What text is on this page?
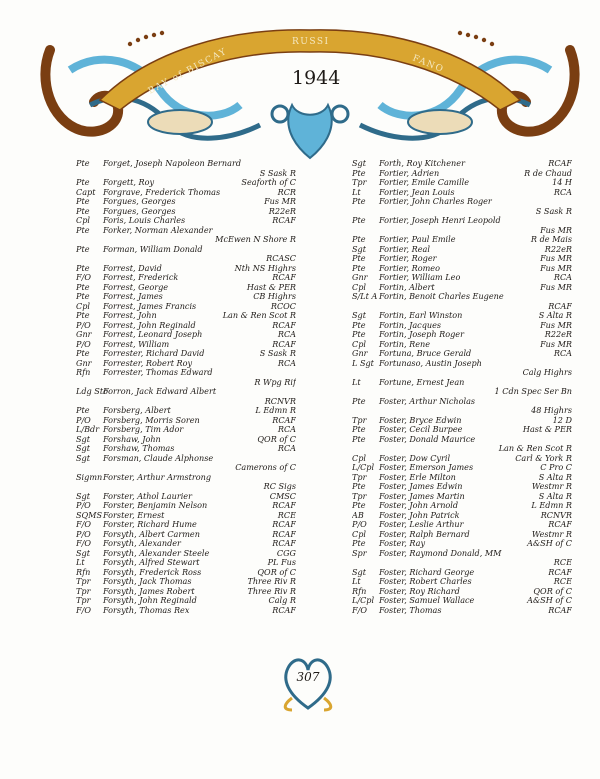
BAY of BISCAY
RUSSI
FANO
1944
Pte Forget, Joseph Napoleon Bernard
S Sask R
Seaforth of C
Pte Forgett, Roy
RCR
Capt Forgrave, Frederick Thomas
Fus MR
Pte Forgues, Georges
R22eR
Pte Forgues, Georges
RCAF
Cpl Foris, Louis Charles
Pte Forker, Norman Alexander
McEwen N Shore R
Pte Forman, William Donald
RCASC
Nth NS Highrs
Pte Forrest, David
RCAF
F/O Forrest, Frederick
Hast & PER
Pte Forrest, George
CB Highrs
Pte Forrest, James
RCOC
Cpl Forrest, James Francis
Lan & Ren Scot R
Pte Forrest, John
RCAF
P/O Forrest, John Reginald
RCA
Gnr Forrest, Leonard Joseph
RCAF
P/O Forrest, William
S Sask R
Pte Forrester, Richard David
RCA
Gnr Forrester, Robert Roy
Rfn Forrester, Thomas Edward
R Wpg Rif
Ldg StoForron, Jack Edward Albert
RCNVR
L Edmn R
Pte Forsberg, Albert
RCAF
P/O Forsberg, Morris Soren
RCA
L/Bdr Forsberg, Tim Ador
QOR of C
Sgt Forshaw, John
RCA
Sgt Forshaw, Thomas
Sgt Forsman, Claude Alphonse
Camerons of C
SigmnForster, Arthur Armstrong
RC Sigs
CMSC
Sgt Forster, Athol Laurier
RCAF
P/O Forster, Benjamin Nelson
RCE
SQMSForster, Ernest
RCAF
F/O Forster, Richard Hume
RCAF
P/O Forsyth, Albert Carmen
RCAF
F/O Forsyth, Alexander
CGG
Sgt Forsyth, Alexander Steele
PL Fus
Lt Forsyth, Alfred Stewart
QOR of C
Rfn Forsyth, Frederick Ross
Three Riv R
Tpr Forsyth, Jack Thomas
Three Riv R
Tpr Forsyth, James Robert
Calg R
Tpr Forsyth, John Reginald
RCAF
F/O Forsyth, Thomas Rex
RCAF
Sgt Forth, Roy Kitchener
R de Chaud
Pte Fortier, Adrien
14 H
Tpr Fortier, Emile Camille
RCA
Lt Fortier, Jean Louis
Pte Fortier, John Charles Roger
S Sask R
Pte Fortier, Joseph Henri Leopold
Fus MR
R de Mais
Pte Fortier, Paul Emile
R22eR
Sgt Fortier, Real
Fus MR
Pte Fortier, Roger
Fus MR
Pte Fortier, Romeo
RCA
Gnr Fortier, William Leo
Fus MR
Cpl Fortin, Albert
S/Lt A Fortin, Benoit Charles Eugene
RCAF
S Alta R
Sgt Fortin, Earl Winston
Fus MR
Pte Fortin, Jacques
R22eR
Pte Fortin, Joseph Roger
Fus MR
Cpl Fortin, Rene
RCA
Gnr Fortuna, Bruce Gerald
L Sgt Fortunaso, Austin Joseph
Calg Highrs
Lt Fortune, Ernest Jean
1 Cdn Spec Ser Bn
Pte Foster, Arthur Nicholas
48 Highrs
12 D
Tpr Foster, Bryce Edwin
Hast & PER
Pte Foster, Cecil Burpee
Pte Foster, Donald Maurice
Lan & Ren Scot R
Carl & York R
Cpl Foster, Dow Cyril
C Pro C
L/Cpl Foster, Emerson James
S Alta R
Tpr Foster, Erle Milton
Westmr R
Pte Foster, James Edwin
S Alta R
Tpr Foster, James Martin
L Edmn R
Pte Foster, John Arnold
RCNVR
AB Foster, John Patrick
RCAF
P/O Foster, Leslie Arthur
Westmr R
Cpl Foster, Ralph Bernard
A&SH of C
Pte Foster, Ray
Spr Foster, Raymond Donald, MM
RCE
RCAF
Sgt Foster, Richard George
RCE
Lt Foster, Robert Charles
QOR of C
Rfn Foster, Roy Richard
A&SH of C
L/Cpl Foster, Samuel Wallace
RCAF
F/O Foster, Thomas
307
